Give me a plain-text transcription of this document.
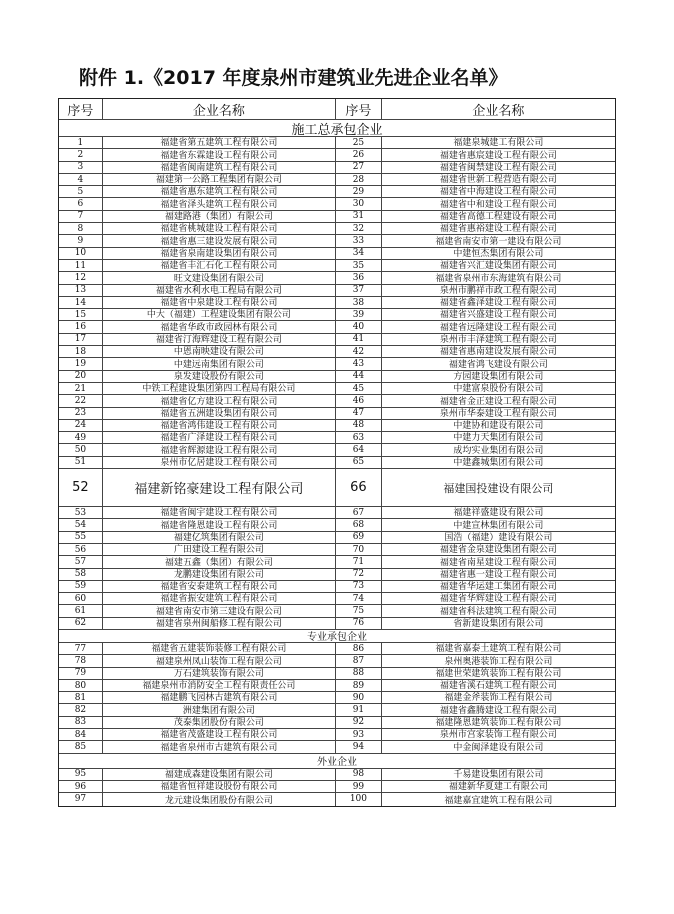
附件 1.《2017 年度泉州市建筑业先进企业名单》
序号	企业名称	序号	企业名称
施工总承包企业
1	福建省第五建筑工程有限公司	25	福建泉城建工有限公司
2	福建省东霖建设工程有限公司	26	福建省惠宸建设工程有限公司
3	福建省闽南建筑工程有限公司	27	福建省闽禁建设工程有限公司
4	福建第一公路工程集团有限公司	28	福建省世新工程营造有限公司
5	福建省惠东建筑工程有限公司	29	福建省中海建设工程有限公司
6	福建省泽头建筑工程有限公司	30	福建省中和建设工程有限公司
7	福建路港（集团）有限公司	31	福建省高德工程建设有限公司
8	福建省桃城建设工程有限公司	32	福建省惠裕建设工程有限公司
9	福建省惠三建设发展有限公司	33	福建省南安市第一建设有限公司
10	福建省泉南建设集团有限公司	34	中建恒杰集团有限公司
11	福建省丰汇石化工程有限公司	35	福建省兴汇建设集团有限公司
12	旺文建设集团有限公司	36	福建省泉州市东海建筑有限公司
13	福建省水利水电工程局有限公司	37	泉州市鹏祥市政工程有限公司
14	福建省中泉建设工程有限公司	38	福建省鑫泽建设工程有限公司
15	中大（福建）工程建设集团有限公司	39	福建省兴盛建设工程有限公司
16	福建省华政市政园林有限公司	40	福建省远隆建设工程有限公司
17	福建省汀海辉建设工程有限公司	41	泉州市丰泽建筑工程有限公司
18	中恩南映建设有限公司	42	福建省惠南建设发展有限公司
19	中建远南集团有限公司	43	福建省鸿飞建设有限公司
20	泉发建设股份有限公司	44	方园建设集团有限公司
21	中铁工程建设集团第四工程局有限公司	45	中建富泉股份有限公司
22	福建省亿方建设工程有限公司	46	福建省金正建设工程有限公司
23	福建省五洲建设集团有限公司	47	泉州市华泰建设工程有限公司
24	福建省鸿伟建设工程有限公司	48	中建协和建设有限公司
49	福建省广泽建设工程有限公司	63	中建力天集团有限公司
50	福建省辉源建设工程有限公司	64	成均实业集团有限公司
51	泉州市亿居建设工程有限公司	65	中建鑫城集团有限公司
52	福建新铭豪建设工程有限公司	66	福建国投建设有限公司
53	福建省闽宇建设工程有限公司	67	福建祥盛建设有限公司
54	福建省隆恩建设工程有限公司	68	中建宣林集团有限公司
55	福建亿筑集团有限公司	69	国浩（福建）建设有限公司
56	广田建设工程有限公司	70	福建省金泉建设集团有限公司
57	福建五鑫（集团）有限公司	71	福建省南星建设工程有限公司
58	龙鹏建设集团有限公司	72	福建省惠一建设工程有限公司
59	福建省安泰建筑工程有限公司	73	福建省华运建工集团有限公司
60	福建省振安建筑工程有限公司	74	福建省华辉建设工程有限公司
61	福建省南安市第三建设有限公司	75	福建省科法建筑工程有限公司
62	福建省泉州闽船修工程有限公司	76	省新建设集团有限公司
专业承包企业
77	福建省五建装饰装修工程有限公司	86	福建省嘉泰土建筑工程有限公司
78	福建泉州凤山装饰工程有限公司	87	泉州奥港装饰工程有限公司
79	万石建筑装饰有限公司	88	福建世荣建筑装饰工程有限公司
80	福建泉州市消防安全工程有限责任公司	89	福建省溪石建筑工程有限公司
81	福建鹏飞园林古建筑有限公司	90	福建金斧装饰工程有限公司
82	洲建集团有限公司	91	福建省鑫腾建设工程有限公司
83	茂泰集团股份有限公司	92	福建隆恩建筑装饰工程有限公司
84	福建省茂盛建设工程有限公司	93	泉州市宫家装饰工程有限公司
85	福建省泉州市古建筑有限公司	94	中金闽泽建设有限公司
外业企业
95	福建成森建设集团有限公司	98	千易建设集团有限公司
96	福建省恒祥建设股份有限公司	99	福建新华夏建工有限公司
97	龙元建设集团股份有限公司	100	福建嘉宜建筑工程有限公司
